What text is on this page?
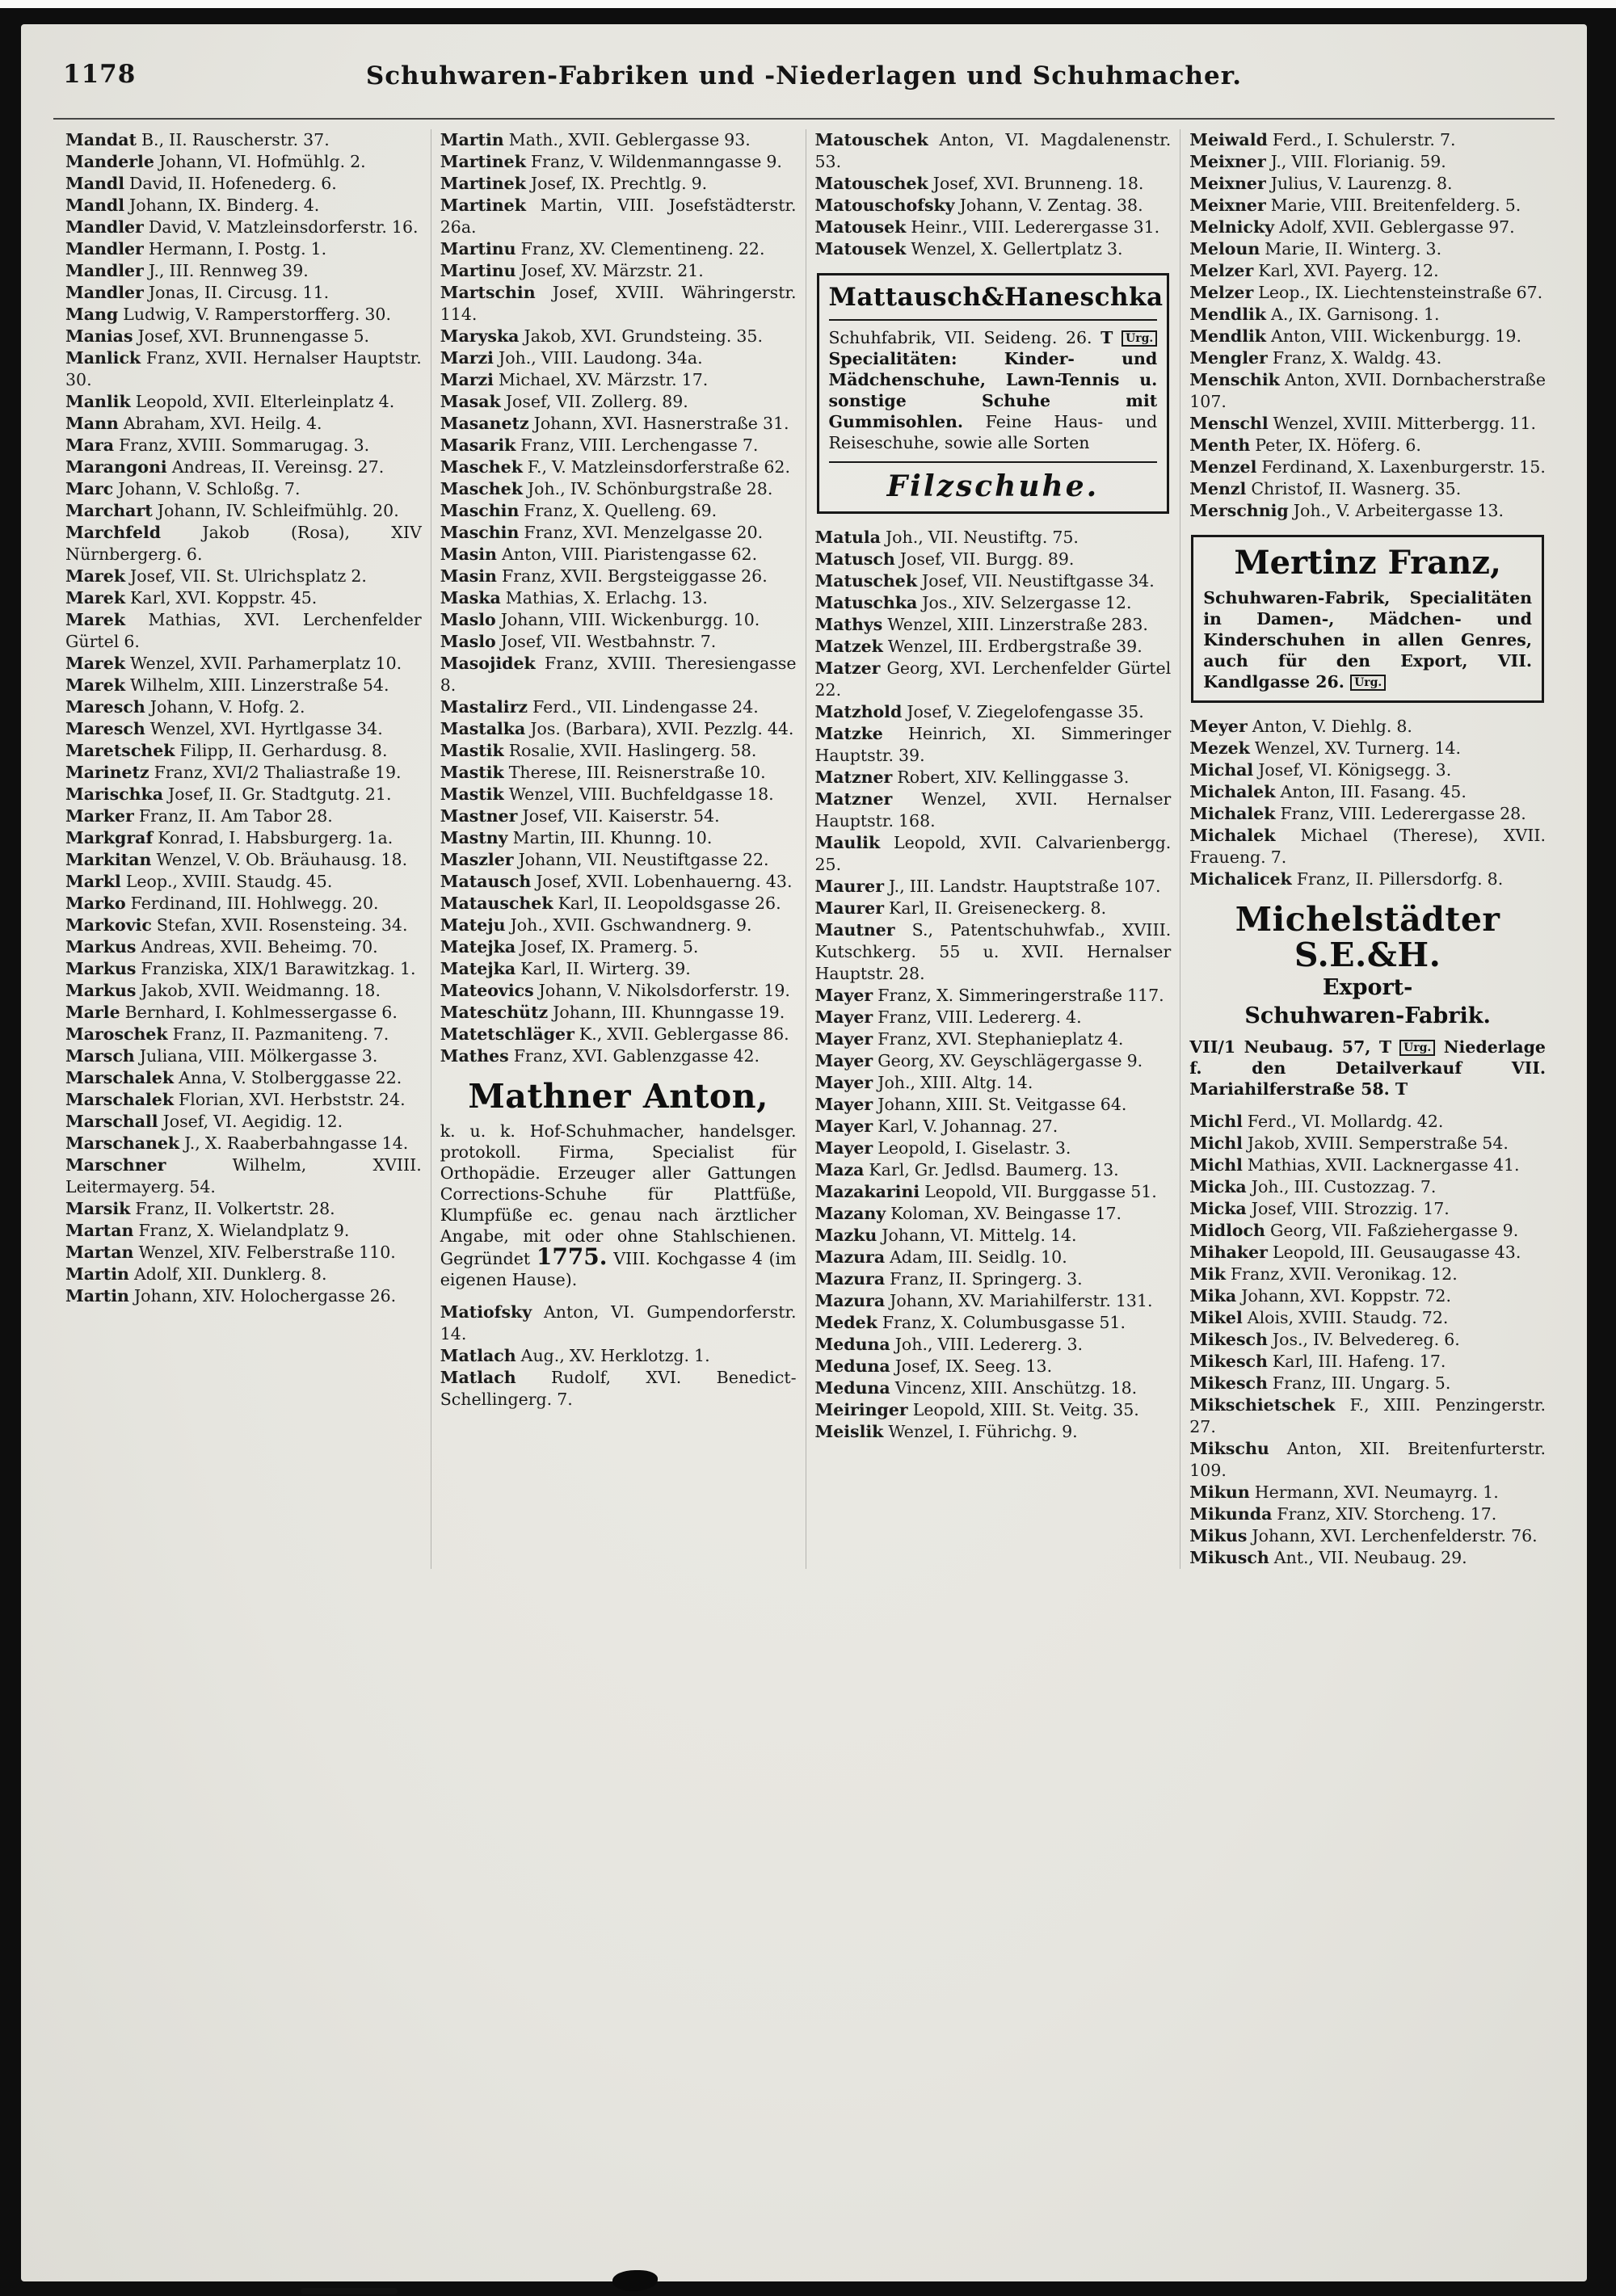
1178	Schuhwaren-Fabriken und -Niederlagen und Schuhmacher.
Mandat B., II. Rauscherstr. 37.
Manderle Johann, VI. Hofmühlg. 2.
Mandl David, II. Hofenederg. 6.
Mandl Johann, IX. Binderg. 4.
Mandler David, V. Matzleinsdorferstr. 16.
Mandler Hermann, I. Postg. 1.
Mandler J., III. Rennweg 39.
Mandler Jonas, II. Circusg. 11.
Mang Ludwig, V. Ramperstorfferg. 30.
Manias Josef, XVI. Brunnengasse 5.
Manlick Franz, XVII. Hernalser Hauptstr. 30.
Manlik Leopold, XVII. Elterleinplatz 4.
Mann Abraham, XVI. Heilg. 4.
Mara Franz, XVIII. Sommarugag. 3.
Marangoni Andreas, II. Vereinsg. 27.
Marc Johann, V. Schloßg. 7.
Marchart Johann, IV. Schleifmühlg. 20.
Marchfeld Jakob (Rosa), XIV Nürnbergerg. 6.
Marek Josef, VII. St. Ulrichsplatz 2.
Marek Karl, XVI. Koppstr. 45.
Marek Mathias, XVI. Lerchenfelder Gürtel 6.
Marek Wenzel, XVII. Parhamerplatz 10.
Marek Wilhelm, XIII. Linzerstraße 54.
Maresch Johann, V. Hofg. 2.
Maresch Wenzel, XVI. Hyrtlgasse 34.
Maretschek Filipp, II. Gerhardusg. 8.
Marinetz Franz, XVI/2 Thaliastraße 19.
Marischka Josef, II. Gr. Stadtgutg. 21.
Marker Franz, II. Am Tabor 28.
Markgraf Konrad, I. Habsburgerg. 1a.
Markitan Wenzel, V. Ob. Bräuhausg. 18.
Markl Leop., XVIII. Staudg. 45.
Marko Ferdinand, III. Hohlwegg. 20.
Markovic Stefan, XVII. Rosensteing. 34.
Markus Andreas, XVII. Beheimg. 70.
Markus Franziska, XIX/1 Barawitzkag. 1.
Markus Jakob, XVII. Weidmanng. 18.
Marle Bernhard, I. Kohlmessergasse 6.
Maroschek Franz, II. Pazmaniteng. 7.
Marsch Juliana, VIII. Mölkergasse 3.
Marschalek Anna, V. Stolberggasse 22.
Marschalek Florian, XVI. Herbststr. 24.
Marschall Josef, VI. Aegidig. 12.
Marschanek J., X. Raaberbahngasse 14.
Marschner Wilhelm, XVIII. Leitermayerg. 54.
Marsik Franz, II. Volkertstr. 28.
Martan Franz, X. Wielandplatz 9.
Martan Wenzel, XIV. Felberstraße 110.
Martin Adolf, XII. Dunklerg. 8.
Martin Johann, XIV. Holochergasse 26.
Martin Math., XVII. Geblergasse 93.
Martinek Franz, V. Wildenmanngasse 9.
Martinek Josef, IX. Prechtlg. 9.
Martinek Martin, VIII. Josefstädterstr. 26a.
Martinu Franz, XV. Clementineng. 22.
Martinu Josef, XV. Märzstr. 21.
Martschin Josef, XVIII. Währingerstr. 114.
Maryska Jakob, XVI. Grundsteing. 35.
Marzi Joh., VIII. Laudong. 34a.
Marzi Michael, XV. Märzstr. 17.
Masak Josef, VII. Zollerg. 89.
Masanetz Johann, XVI. Hasnerstraße 31.
Masarik Franz, VIII. Lerchengasse 7.
Maschek F., V. Matzleinsdorferstraße 62.
Maschek Joh., IV. Schönburgstraße 28.
Maschin Franz, X. Quelleng. 69.
Maschin Franz, XVI. Menzelgasse 20.
Masin Anton, VIII. Piaristengasse 62.
Masin Franz, XVII. Bergsteiggasse 26.
Maska Mathias, X. Erlachg. 13.
Maslo Johann, VIII. Wickenburgg. 10.
Maslo Josef, VII. Westbahnstr. 7.
Masojidek Franz, XVIII. Theresiengasse 8.
Mastalirz Ferd., VII. Lindengasse 24.
Mastalka Jos. (Barbara), XVII. Pezzlg. 44.
Mastik Rosalie, XVII. Haslingerg. 58.
Mastik Therese, III. Reisnerstraße 10.
Mastik Wenzel, VIII. Buchfeldgasse 18.
Mastner Josef, VII. Kaiserstr. 54.
Mastny Martin, III. Khunng. 10.
Maszler Johann, VII. Neustiftgasse 22.
Matausch Josef, XVII. Lobenhauerng. 43.
Matauschek Karl, II. Leopoldsgasse 26.
Mateju Joh., XVII. Gschwandnerg. 9.
Matejka Josef, IX. Pramerg. 5.
Matejka Karl, II. Wirterg. 39.
Mateovics Johann, V. Nikolsdorferstr. 19.
Mateschütz Johann, III. Khunngasse 19.
Matetschläger K., XVII. Geblergasse 86.
Mathes Franz, XVI. Gablenzgasse 42.
Mathner Anton,
k. u. k. Hof-Schuhmacher, handelsger. protokoll. Firma, Specialist für Orthopädie. Erzeuger aller Gattungen Corrections-Schuhe für Plattfüße, Klumpfüße ec. genau nach ärztlicher Angabe, mit oder ohne Stahlschienen. Gegründet 1775. VIII. Kochgasse 4 (im eigenen Hause).
Matiofsky Anton, VI. Gumpendorferstr. 14.
Matlach Aug., XV. Herklotzg. 1.
Matlach Rudolf, XVI. Benedict-Schellingerg. 7.
Matouschek Anton, VI. Magdalenenstr. 53.
Matouschek Josef, XVI. Brunneng. 18.
Matouschofsky Johann, V. Zentag. 38.
Matousek Heinr., VIII. Lederergasse 31.
Matousek Wenzel, X. Gellertplatz 3.
Mattausch&Haneschka
Schuhfabrik, VII. Seideng. 26. T Urg. Specialitäten: Kinder- und Mädchenschuhe, Lawn-Tennis u. sonstige Schuhe mit Gummisohlen. Feine Haus- und Reiseschuhe, sowie alle Sorten
Filzschuhe.
Matula Joh., VII. Neustiftg. 75.
Matusch Josef, VII. Burgg. 89.
Matuschek Josef, VII. Neustiftgasse 34.
Matuschka Jos., XIV. Selzergasse 12.
Mathys Wenzel, XIII. Linzerstraße 283.
Matzek Wenzel, III. Erdbergstraße 39.
Matzer Georg, XVI. Lerchenfelder Gürtel 22.
Matzhold Josef, V. Ziegelofengasse 35.
Matzke Heinrich, XI. Simmeringer Hauptstr. 39.
Matzner Robert, XIV. Kellinggasse 3.
Matzner Wenzel, XVII. Hernalser Hauptstr. 168.
Maulik Leopold, XVII. Calvarienbergg. 25.
Maurer J., III. Landstr. Hauptstraße 107.
Maurer Karl, II. Greiseneckerg. 8.
Mautner S., Patentschuhwfab., XVIII. Kutschkerg. 55 u. XVII. Hernalser Hauptstr. 28.
Mayer Franz, X. Simmeringerstraße 117.
Mayer Franz, VIII. Ledererg. 4.
Mayer Franz, XVI. Stephanieplatz 4.
Mayer Georg, XV. Geyschlägergasse 9.
Mayer Joh., XIII. Altg. 14.
Mayer Johann, XIII. St. Veitgasse 64.
Mayer Karl, V. Johannag. 27.
Mayer Leopold, I. Giselastr. 3.
Maza Karl, Gr. Jedlsd. Baumerg. 13.
Mazakarini Leopold, VII. Burggasse 51.
Mazany Koloman, XV. Beingasse 17.
Mazku Johann, VI. Mittelg. 14.
Mazura Adam, III. Seidlg. 10.
Mazura Franz, II. Springerg. 3.
Mazura Johann, XV. Mariahilferstr. 131.
Medek Franz, X. Columbusgasse 51.
Meduna Joh., VIII. Ledererg. 3.
Meduna Josef, IX. Seeg. 13.
Meduna Vincenz, XIII. Anschützg. 18.
Meiringer Leopold, XIII. St. Veitg. 35.
Meislik Wenzel, I. Führichg. 9.
Meiwald Ferd., I. Schulerstr. 7.
Meixner J., VIII. Florianig. 59.
Meixner Julius, V. Laurenzg. 8.
Meixner Marie, VIII. Breitenfelderg. 5.
Melnicky Adolf, XVII. Geblergasse 97.
Meloun Marie, II. Winterg. 3.
Melzer Karl, XVI. Payerg. 12.
Melzer Leop., IX. Liechtensteinstraße 67.
Mendlik A., IX. Garnisong. 1.
Mendlik Anton, VIII. Wickenburgg. 19.
Mengler Franz, X. Waldg. 43.
Menschik Anton, XVII. Dornbacherstraße 107.
Menschl Wenzel, XVIII. Mitterbergg. 11.
Menth Peter, IX. Höferg. 6.
Menzel Ferdinand, X. Laxenburgerstr. 15.
Menzl Christof, II. Wasnerg. 35.
Merschnig Joh., V. Arbeitergasse 13.
Mertinz Franz,
Schuhwaren-Fabrik, Specialitäten in Damen-, Mädchen- und Kinderschuhen in allen Genres, auch für den Export, VII. Kandlgasse 26. Urg.
Meyer Anton, V. Diehlg. 8.
Mezek Wenzel, XV. Turnerg. 14.
Michal Josef, VI. Königsegg. 3.
Michalek Anton, III. Fasang. 45.
Michalek Franz, VIII. Lederergasse 28.
Michalek Michael (Therese), XVII. Fraueng. 7.
Michalicek Franz, II. Pillersdorfg. 8.
Michelstädter S.E.&H.
Export-
Schuhwaren-Fabrik.
VII/1 Neubaug. 57, T Urg. Niederlage f. den Detailverkauf VII. Mariahilferstraße 58. T
Michl Ferd., VI. Mollardg. 42.
Michl Jakob, XVIII. Semperstraße 54.
Michl Mathias, XVII. Lacknergasse 41.
Micka Joh., III. Custozzag. 7.
Micka Josef, VIII. Strozzig. 17.
Midloch Georg, VII. Faßziehergasse 9.
Mihaker Leopold, III. Geusaugasse 43.
Mik Franz, XVII. Veronikag. 12.
Mika Johann, XVI. Koppstr. 72.
Mikel Alois, XVIII. Staudg. 72.
Mikesch Jos., IV. Belvedereg. 6.
Mikesch Karl, III. Hafeng. 17.
Mikesch Franz, III. Ungarg. 5.
Mikschietschek F., XIII. Penzingerstr. 27.
Mikschu Anton, XII. Breitenfurterstr. 109.
Mikun Hermann, XVI. Neumayrg. 1.
Mikunda Franz, XIV. Storcheng. 17.
Mikus Johann, XVI. Lerchenfelderstr. 76.
Mikusch Ant., VII. Neubaug. 29.
